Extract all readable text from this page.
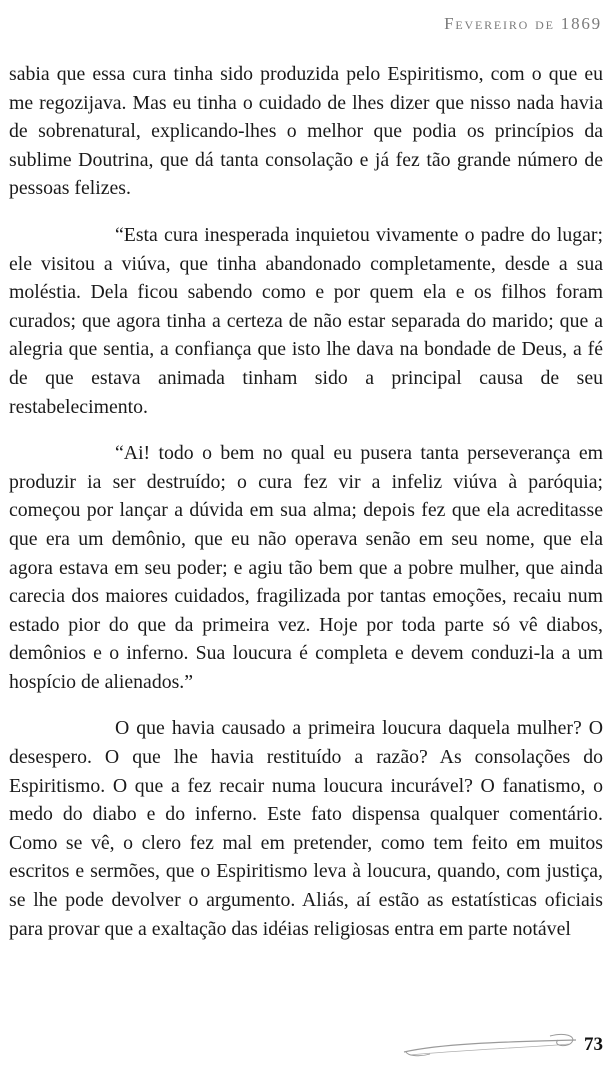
Fevereiro de 1869

sabia que essa cura tinha sido produzida pelo Espiritismo, com o que eu me regozijava. Mas eu tinha o cuidado de lhes dizer que nisso nada havia de sobrenatural, explicando-lhes o melhor que podia os princípios da sublime Doutrina, que dá tanta consolação e já fez tão grande número de pessoas felizes.

“Esta cura inesperada inquietou vivamente o padre do lugar; ele visitou a viúva, que tinha abandonado completamente, desde a sua moléstia. Dela ficou sabendo como e por quem ela e os filhos foram curados; que agora tinha a certeza de não estar separada do marido; que a alegria que sentia, a confiança que isto lhe dava na bondade de Deus, a fé de que estava animada tinham sido a principal causa de seu restabelecimento.

“Ai! todo o bem no qual eu pusera tanta perseverança em produzir ia ser destruído; o cura fez vir a infeliz viúva à paróquia; começou por lançar a dúvida em sua alma; depois fez que ela acreditasse que era um demônio, que eu não operava senão em seu nome, que ela agora estava em seu poder; e agiu tão bem que a pobre mulher, que ainda carecia dos maiores cuidados, fragilizada por tantas emoções, recaiu num estado pior do que da primeira vez. Hoje por toda parte só vê diabos, demônios e o inferno. Sua loucura é completa e devem conduzi-la a um hospício de alienados.”

O que havia causado a primeira loucura daquela mulher? O desespero. O que lhe havia restituído a razão? As consolações do Espiritismo. O que a fez recair numa loucura incurável? O fanatismo, o medo do diabo e do inferno. Este fato dispensa qualquer comentário. Como se vê, o clero fez mal em pretender, como tem feito em muitos escritos e sermões, que o Espiritismo leva à loucura, quando, com justiça, se lhe pode devolver o argumento. Aliás, aí estão as estatísticas oficiais para provar que a exaltação das idéias religiosas entra em parte notável

73
